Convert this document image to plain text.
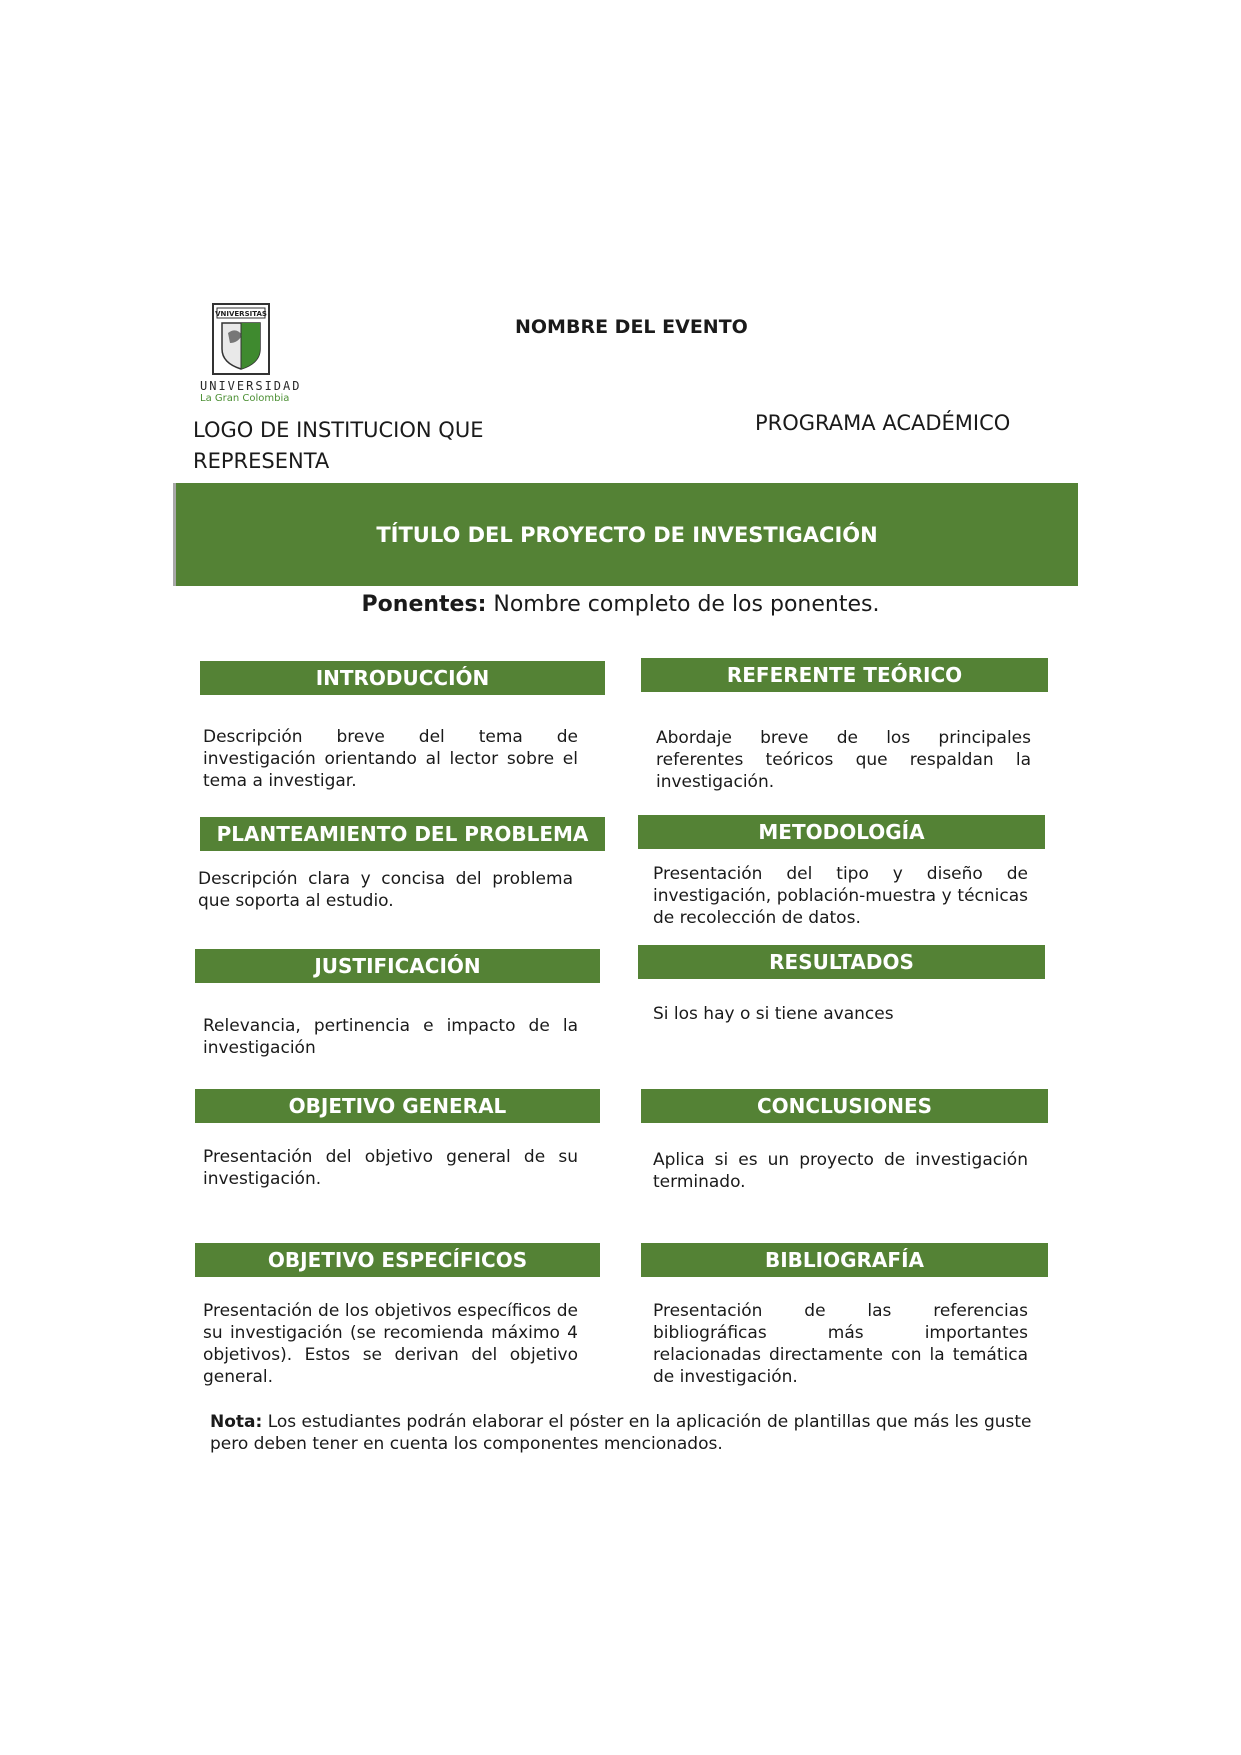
VNIVERSITAS
UNIVERSIDAD
La Gran Colombia
NOMBRE DEL EVENTO
LOGO DE INSTITUCION QUE REPRESENTA
PROGRAMA ACADÉMICO
TÍTULO DEL PROYECTO DE INVESTIGACIÓN
Ponentes: Nombre completo de los ponentes.
INTRODUCCIÓN
Descripción breve del tema de investigación orientando al lector sobre el tema a investigar.
PLANTEAMIENTO DEL PROBLEMA
Descripción clara y concisa del problema que soporta al estudio.
JUSTIFICACIÓN
Relevancia, pertinencia e impacto de la investigación
OBJETIVO GENERAL
Presentación del objetivo general de su investigación.
OBJETIVO ESPECÍFICOS
Presentación de los objetivos específicos de su investigación (se recomienda máximo 4 objetivos). Estos se derivan del objetivo general.
REFERENTE TEÓRICO
Abordaje breve de los principales referentes teóricos que respaldan la investigación.
METODOLOGÍA
Presentación del tipo y diseño de investigación, población-muestra y técnicas de recolección de datos.
RESULTADOS
Si los hay o si tiene avances
CONCLUSIONES
Aplica si es un proyecto de investigación terminado.
BIBLIOGRAFÍA
Presentación de las referencias bibliográficas más importantes relacionadas directamente con la temática de investigación.
Nota: Los estudiantes podrán elaborar el póster en la aplicación de plantillas que más les guste pero deben tener en cuenta los componentes mencionados.
